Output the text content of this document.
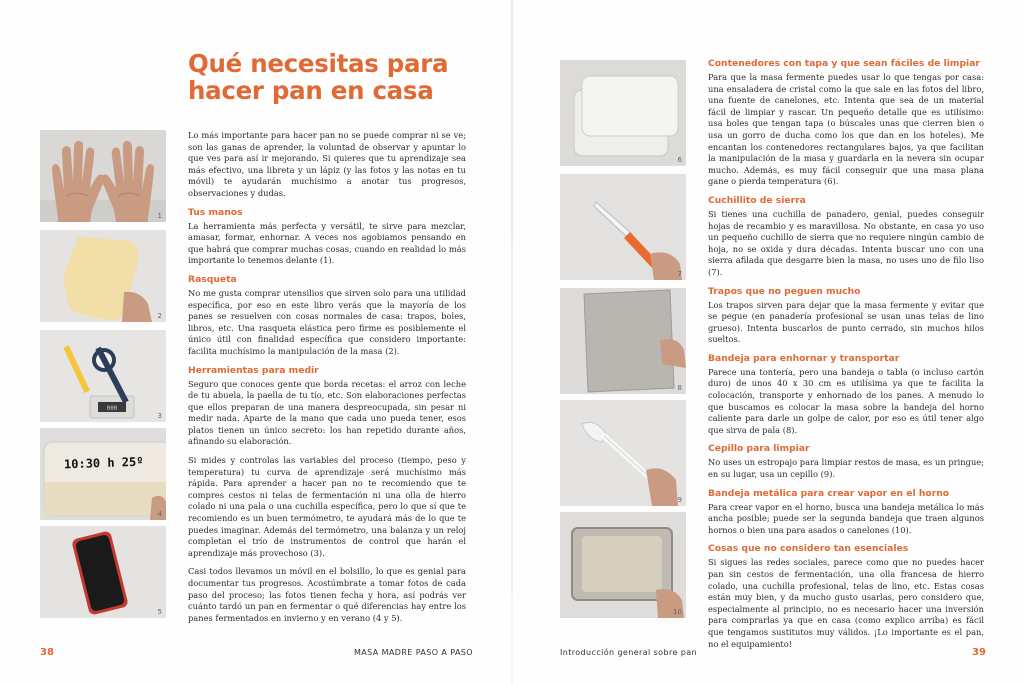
Qué necesitas para hacer pan en casa
1
2
000
3
10:30 h 25º
4
5

Lo más importante para hacer pan no se puede comprar ni se ve; son las ganas de aprender, la voluntad de observar y apuntar lo que ves para así ir mejorando. Si quieres que tu aprendizaje sea más efectivo, una libreta y un lápiz (y las fotos y las notas en tu móvil) te ayudarán muchísimo a anotar tus progresos, observaciones y dudas.

Tus manos

La herramienta más perfecta y versátil, te sirve para mezclar, amasar, formar, enhornar. A veces nos agobiamos pensando en que habrá que comprar muchas cosas, cuando en realidad lo más importante lo tenemos delante (1).

Rasqueta

No me gusta comprar utensilios que sirven solo para una utilidad específica, por eso en este libro verás que la mayoría de los panes se resuelven con cosas normales de casa: trapos, boles, libros, etc. Una rasqueta elástica pero firme es posiblemente el único útil con finalidad específica que considero importante: facilita muchísimo la manipulación de la masa (2).

Herramientas para medir

Seguro que conoces gente que borda recetas: el arroz con leche de tu abuela, la paella de tu tío, etc. Son elaboraciones perfectas que ellos preparan de una manera despreocupada, sin pesar ni medir nada. Aparte de la mano que cada uno pueda tener, esos platos tienen un único secreto: los han repetido durante años, afinando su elaboración.

Si mides y controlas las variables del proceso (tiempo, peso y temperatura) tu curva de aprendizaje será muchísimo más rápida. Para aprender a hacer pan no te recomiendo que te compres cestos ni telas de fermentación ni una olla de hierro colado ni una pala o una cuchilla específica, pero lo que sí que te recomiendo es un buen termómetro, te ayudará más de lo que te puedes imaginar. Además del termómetro, una balanza y un reloj completan el trío de instrumentos de control que harán el aprendizaje más provechoso (3).

Casi todos llevamos un móvil en el bolsillo, lo que es genial para documentar tus progresos. Acostúmbrate a tomar fotos de cada paso del proceso; las fotos tienen fecha y hora, así podrás ver cuánto tardó un pan en fermentar o qué diferencias hay entre los panes fermentados en invierno y en verano (4 y 5).

38	MASA MADRE PASO A PASO
6
7
8
9
10
Contenedores con tapa y que sean fáciles de limpiar

Para que la masa fermente puedes usar lo que tengas por casa: una ensaladera de cristal como la que sale en las fotos del libro, una fuente de canelones, etc. Intenta que sea de un material fácil de limpiar y rascar. Un pequeño detalle que es utilísimo: usa boles que tengan tapa (o búscales unas que cierren bien o usa un gorro de ducha como los que dan en los hoteles). Me encantan los contenedores rectangulares bajos, ya que facilitan la manipulación de la masa y guardarla en la nevera sin ocupar mucho. Además, es muy fácil conseguir que una masa plana gane o pierda temperatura (6).

Cuchillito de sierra

Si tienes una cuchilla de panadero, genial, puedes conseguir hojas de recambio y es maravillosa. No obstante, en casa yo uso un pequeño cuchillo de sierra que no requiere ningún cambio de hoja, no se oxida y dura décadas. Intenta buscar uno con una sierra afilada que desgarre bien la masa, no uses uno de filo liso (7).

Trapos que no peguen mucho

Los trapos sirven para dejar que la masa fermente y evitar que se pegue (en panadería profesional se usan unas telas de lino grueso). Intenta buscarlos de punto cerrado, sin muchos hilos sueltos.

Bandeja para enhornar y transportar

Parece una tontería, pero una bandeja o tabla (o incluso cartón duro) de unos 40 x 30 cm es utilísima ya que te facilita la colocación, transporte y enhornado de los panes. A menudo lo que buscamos es colocar la masa sobre la bandeja del horno caliente para darle un golpe de calor, por eso es útil tener algo que sirva de pala (8).

Cepillo para limpiar

No uses un estropajo para limpiar restos de masa, es un pringue; en su lugar, usa un cepillo (9).

Bandeja metálica para crear vapor en el horno

Para crear vapor en el horno, busca una bandeja metálica lo más ancha posible; puede ser la segunda bandeja que traen algunos hornos o bien una para asados o canelones (10).

Cosas que no considero tan esenciales

Si sigues las redes sociales, parece como que no puedes hacer pan sin cestos de fermentación, una olla francesa de hierro colado, una cuchilla profesional, telas de lino, etc. Estas cosas están muy bien, y da mucho gusto usarlas, pero considero que, especialmente al principio, no es necesario hacer una inversión para comprarlas ya que en casa (como explico arriba) es fácil que tengamos sustitutos muy válidos. ¡Lo importante es el pan, no el equipamiento!

Introducción general sobre pan	39
